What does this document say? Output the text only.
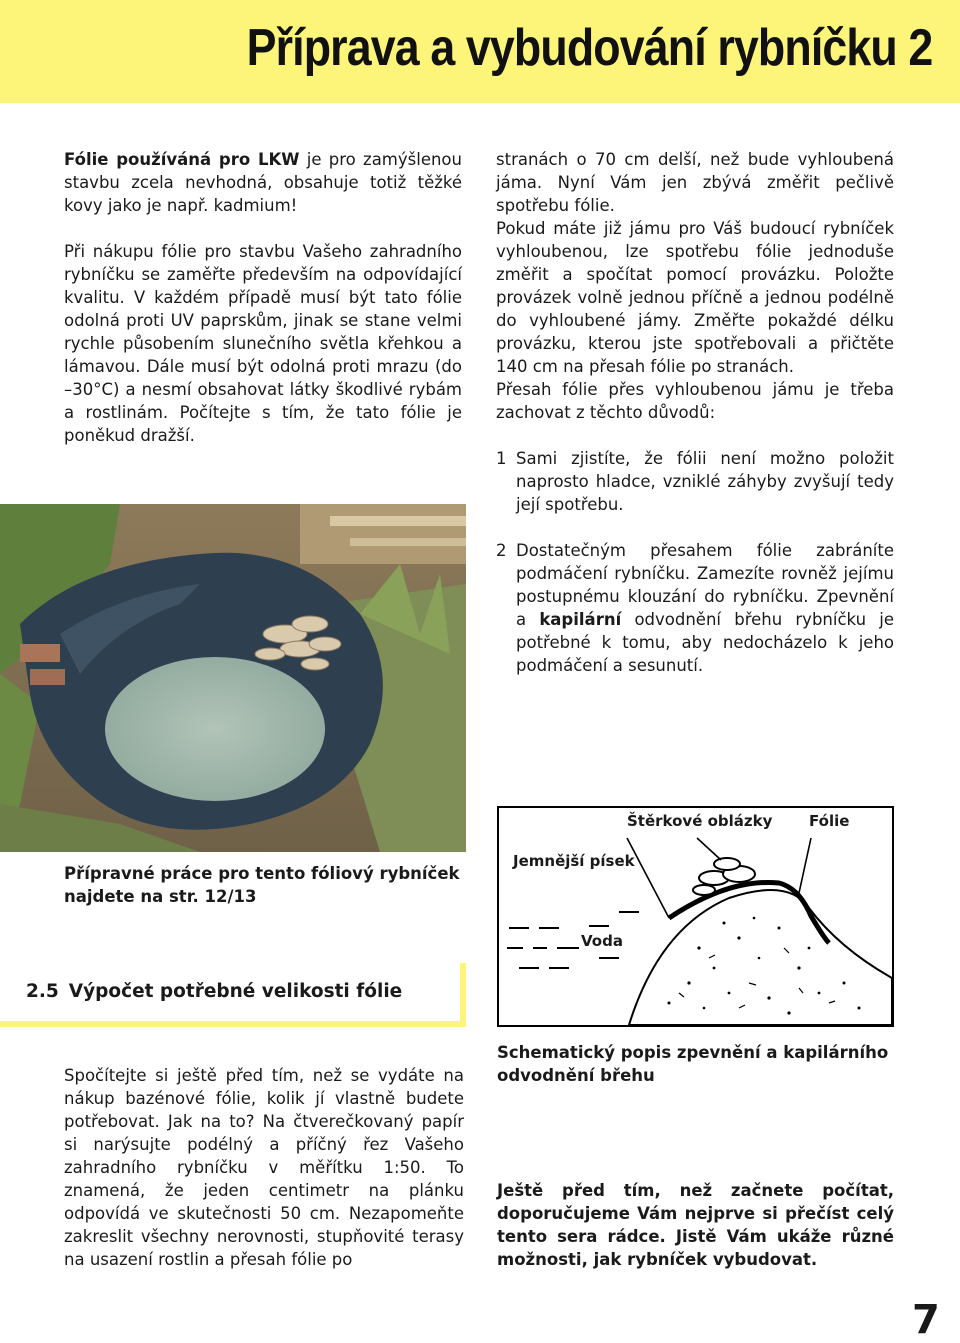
Příprava a vybudování rybníčku 2

Fólie používáná pro LKW je pro zamýšlenou stavbu zcela nevhodná, obsahuje totiž těžké kovy jako je např. kadmium!

Při nákupu fólie pro stavbu Vašeho zahradního rybníčku se zaměřte především na odpovídající kvalitu. V každém případě musí být tato fólie odolná proti UV paprskům, jinak se stane velmi rychle působením slunečního světla křehkou a lámavou. Dále musí být odolná proti mrazu (do –30°C) a nesmí obsahovat látky škodlivé rybám a rostlinám. Počítejte s tím, že tato fólie je poněkud dražší.

stranách o 70 cm delší, než bude vyhloubená jáma. Nyní Vám jen zbývá změřit pečlivě spotřebu fólie.

Pokud máte již jámu pro Váš budoucí rybníček vyhloubenou, lze spotřebu fólie jednoduše změřit a spočítat pomocí provázku. Položte provázek volně jednou příčně a jednou podélně do vyhloubené jámy. Změřte pokaždé délku provázku, kterou jste spotřebovali a přičtěte 140 cm na přesah fólie po stranách.

Přesah fólie přes vyhloubenou jámu je třeba zachovat z těchto důvodů:

1 Sami zjistíte, že fólii není možno položit naprosto hladce, vzniklé záhyby zvyšují tedy její spotřebu.
2 Dostatečným přesahem fólie zabráníte podmáčení rybníčku. Zamezíte rovněž jejímu postupnému klouzání do rybníčku. Zpevnění a kapilární odvodnění břehu rybníčku je potřebné k tomu, aby nedocházelo k jeho podmáčení a sesunutí.
Přípravné práce pro tento fóliový rybníček najdete na str. 12/13
2.5 Výpočet potřebné velikosti fólie

Spočítejte si ještě před tím, než se vydáte na nákup bazénové fólie, kolik jí vlastně budete potřebovat. Jak na to? Na čtverečkovaný papír si narýsujte podélný a příčný řez Vašeho zahradního rybníčku v měřítku 1:50. To znamená, že jeden centimetr na plánku odpovídá ve skutečnosti 50 cm. Nezapomeňte zakreslit všechny nerovnosti, stupňovité terasy na usazení rostlin a přesah fólie po

Štěrkové oblázky Fólie
Jemnější písek
Voda
Schematický popis zpevnění a kapilárního odvodnění břehu
Ještě před tím, než začnete počítat, doporučujeme Vám nejprve si přečíst celý tento sera rádce. Jistě Vám ukáže různé možnosti, jak rybníček vybudovat.
7
